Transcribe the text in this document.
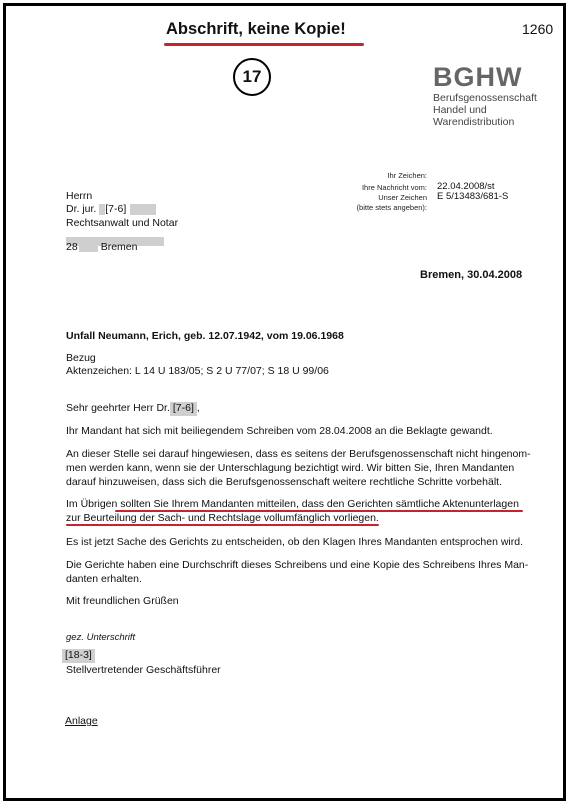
Abschrift, keine Kopie!	1260
17	BGHW
Berufsgenossenschaft
Handel und
Warendistribution
Ihr Zeichen:
Ihre Nachricht vom: 22.04.2008/st
Unser Zeichen E 5/13483/681-S
(bitte stets angeben):
Herrn
Dr. jur. [7-6]
Rechtsanwalt und Notar
28 Bremen
Bremen, 30.04.2008
Unfall Neumann, Erich, geb. 12.07.1942, vom 19.06.1968
Bezug
Aktenzeichen: L 14 U 183/05; S 2 U 77/07; S 18 U 99/06
Sehr geehrter Herr Dr. [7-6] ,
Ihr Mandant hat sich mit beiliegendem Schreiben vom 28.04.2008 an die Beklagte gewandt.
An dieser Stelle sei darauf hingewiesen, dass es seitens der Berufsgenossenschaft nicht hingenom-
men werden kann, wenn sie der Unterschlagung bezichtigt wird. Wir bitten Sie, Ihren Mandanten
darauf hinzuweisen, dass sich die Berufsgenossenschaft weitere rechtliche Schritte vorbehält.
Im Übrigen sollten Sie Ihrem Mandanten mitteilen, dass den Gerichten sämtliche Aktenunterlagen
zur Beurteilung der Sach- und Rechtslage vollumfänglich vorliegen.
Es ist jetzt Sache des Gerichts zu entscheiden, ob den Klagen Ihres Mandanten entsprochen wird.
Die Gerichte haben eine Durchschrift dieses Schreibens und eine Kopie des Schreibens Ihres Man-
danten erhalten.
Mit freundlichen Grüßen
gez. Unterschrift
[18-3]
Stellvertretender Geschäftsführer
Anlage
